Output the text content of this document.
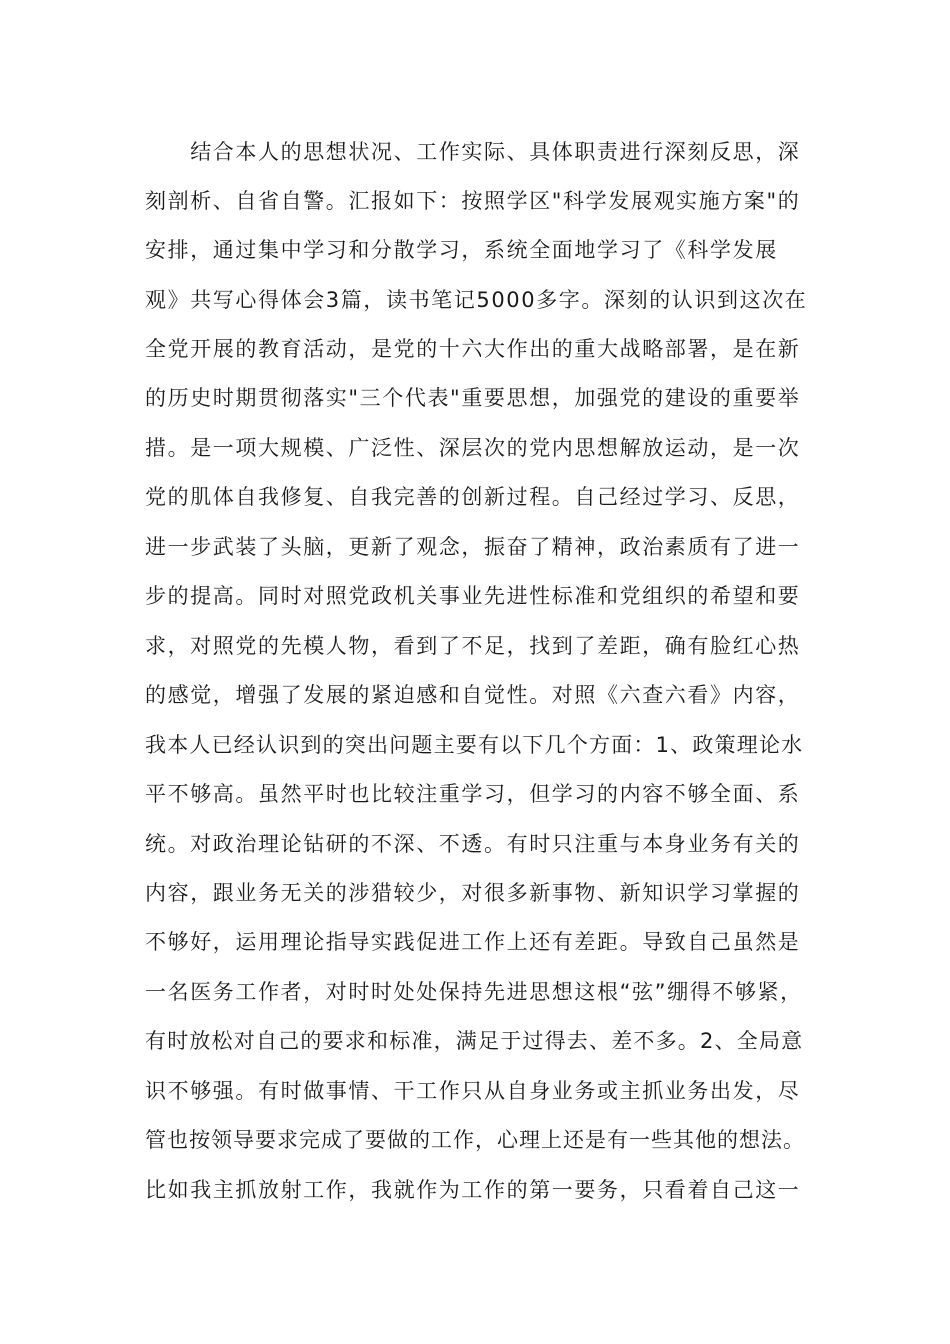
　　结合本人的思想状况、工作实际、具体职责进行深刻反思，深

刻剖析、自省自警。汇报如下：按照学区"科学发展观实施方案"的

安排，通过集中学习和分散学习，系统全面地学习了《科学发展

观》共写心得体会3篇，读书笔记5000多字。深刻的认识到这次在

全党开展的教育活动，是党的十六大作出的重大战略部署，是在新

的历史时期贯彻落实"三个代表"重要思想，加强党的建设的重要举

措。是一项大规模、广泛性、深层次的党内思想解放运动，是一次

党的肌体自我修复、自我完善的创新过程。自己经过学习、反思，

进一步武装了头脑，更新了观念，振奋了精神，政治素质有了进一

步的提高。同时对照党政机关事业先进性标准和党组织的希望和要

求，对照党的先模人物，看到了不足，找到了差距，确有脸红心热

的感觉，增强了发展的紧迫感和自觉性。对照《六查六看》内容，

我本人已经认识到的突出问题主要有以下几个方面：1、政策理论水

平不够高。虽然平时也比较注重学习，但学习的内容不够全面、系

统。对政治理论钻研的不深、不透。有时只注重与本身业务有关的

内容，跟业务无关的涉猎较少，对很多新事物、新知识学习掌握的

不够好，运用理论指导实践促进工作上还有差距。导致自己虽然是

一名医务工作者，对时时处处保持先进思想这根“弦”绷得不够紧，

有时放松对自己的要求和标准，满足于过得去、差不多。2、全局意

识不够强。有时做事情、干工作只从自身业务或主抓业务出发，尽

管也按领导要求完成了要做的工作，心理上还是有一些其他的想法。

比如我主抓放射工作，我就作为工作的第一要务，只看着自己这一
